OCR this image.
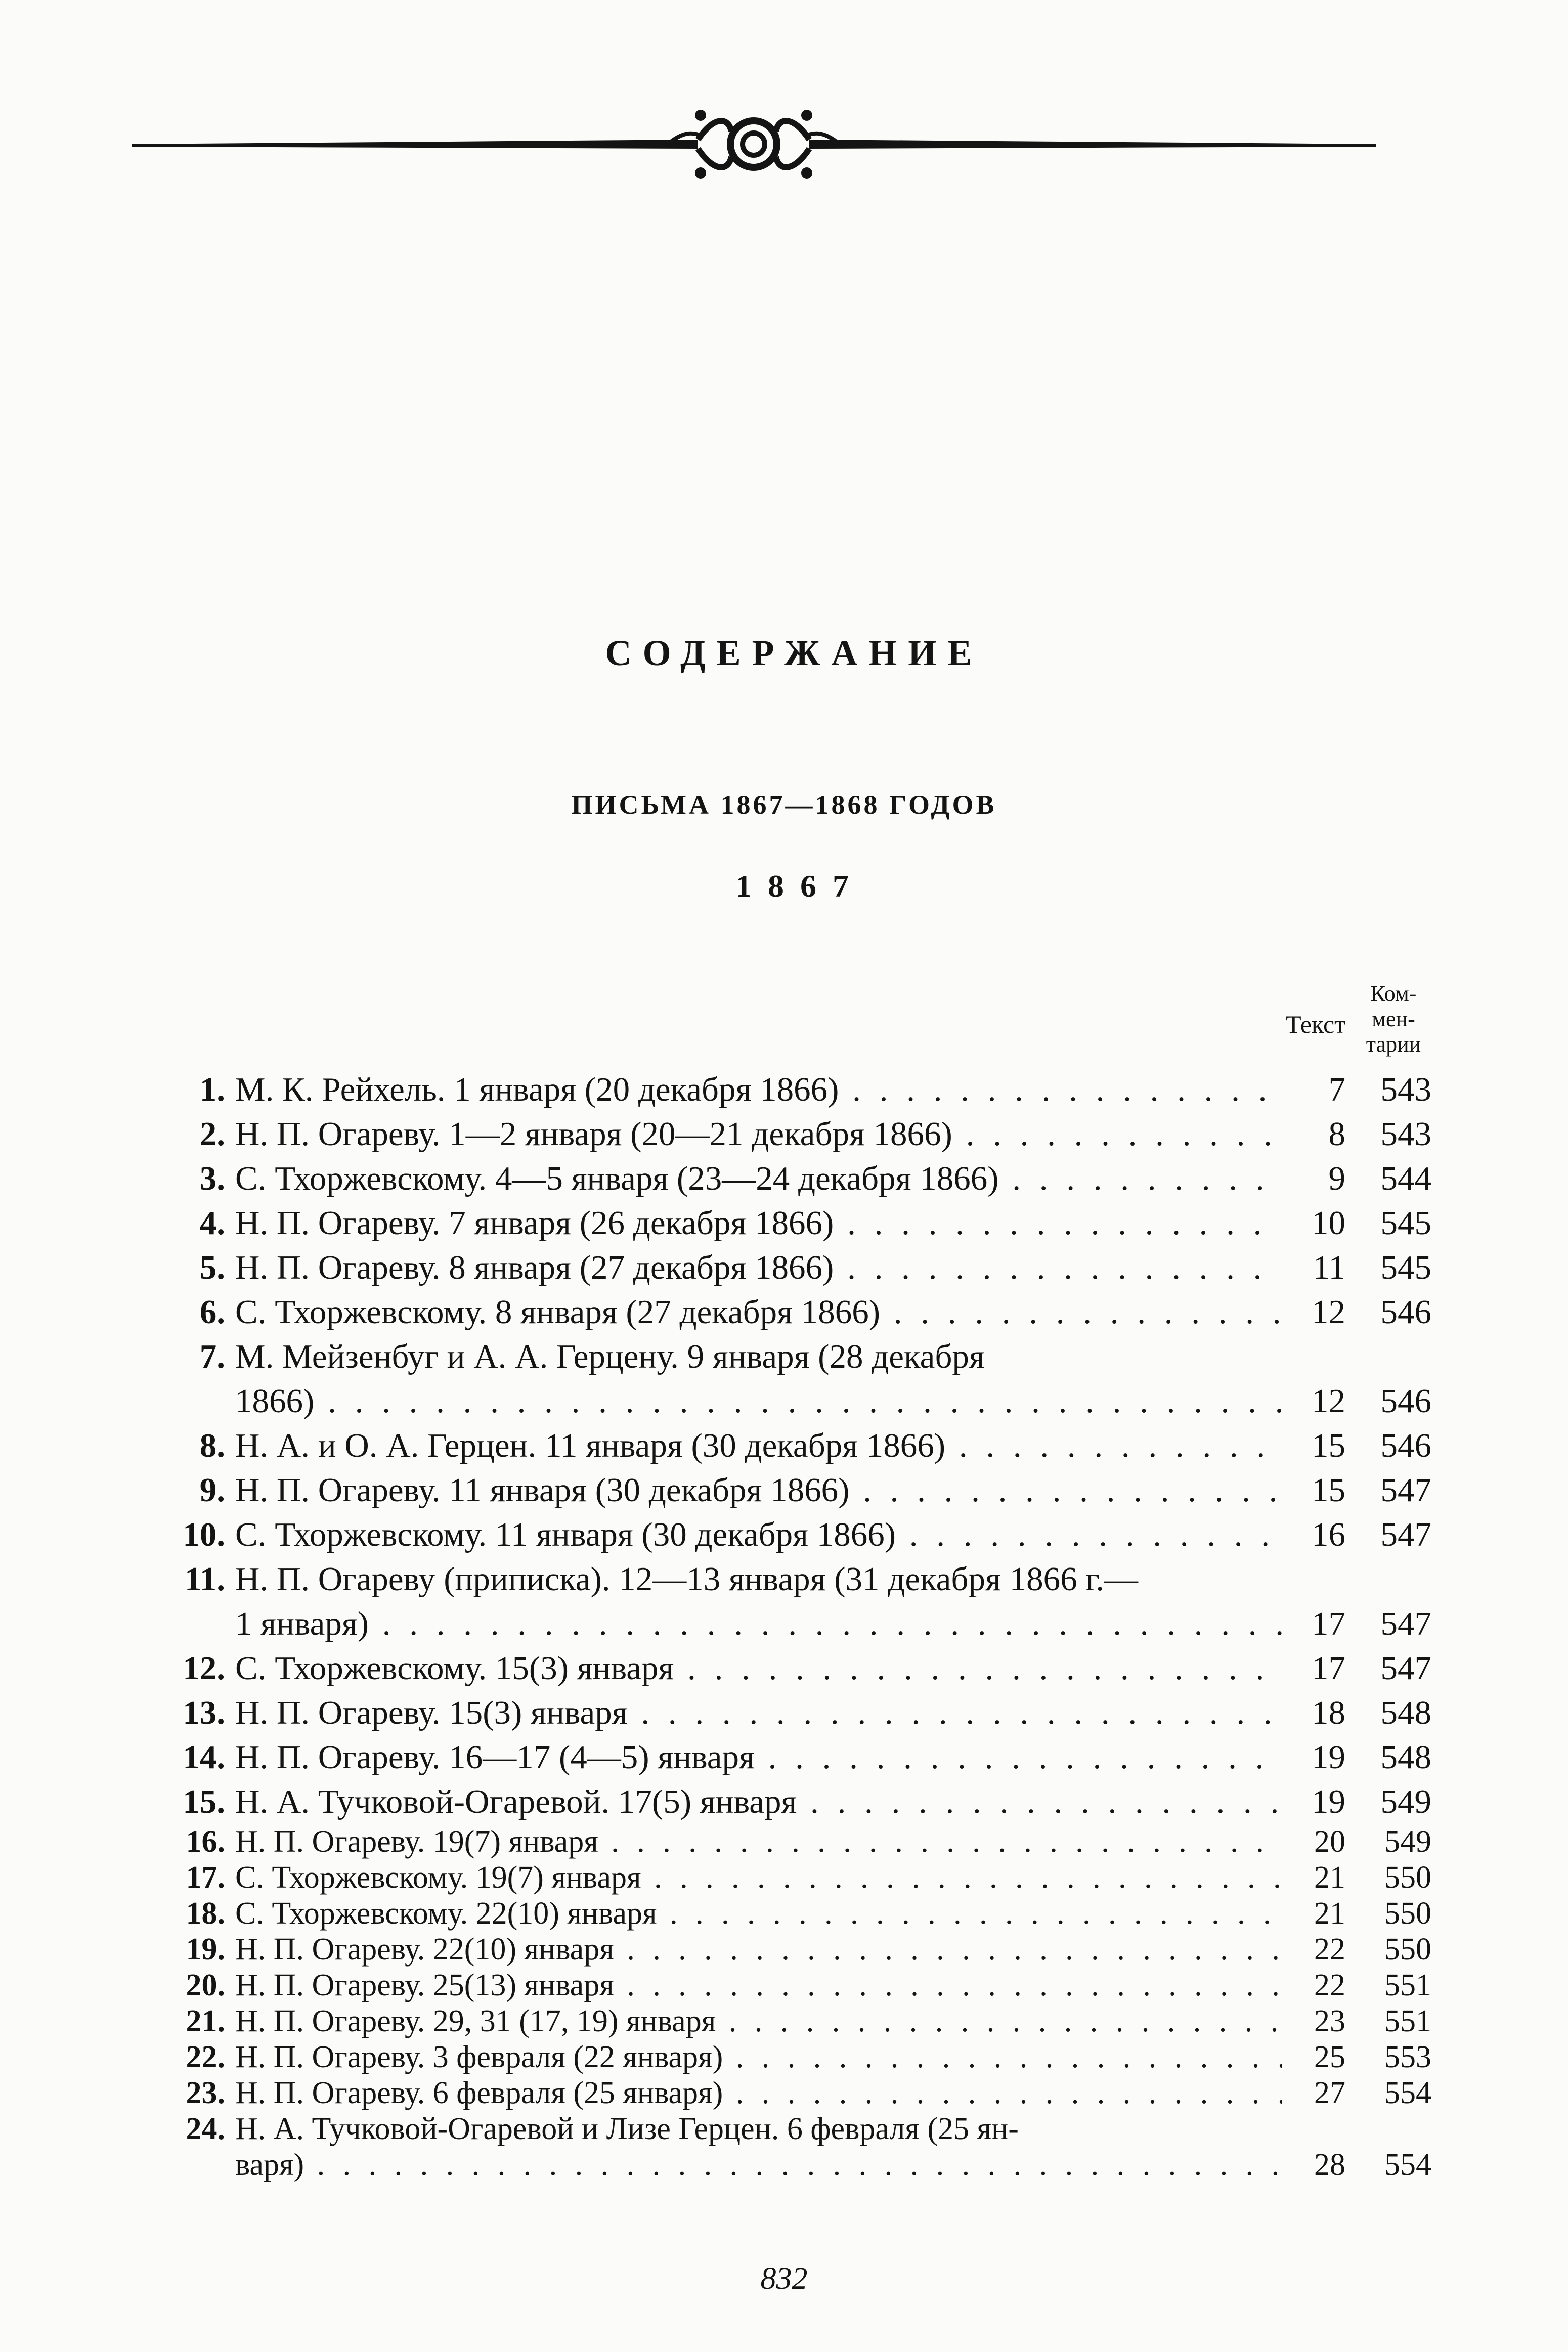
СОДЕРЖАНИЕ
ПИСЬМА 1867—1868 ГОДОВ
1867
Текст
Ком-
мен-
тарии
1. М. К. Рейхель. 1 января (20 декабря 1866) . . .	7	543
2. Н. П. Огареву. 1—2 января (20—21 декабря 1866) . . .	8	543
3. С. Тхоржевскому. 4—5 января (23—24 декабря 1866) . . .	9	544
4. Н. П. Огареву. 7 января (26 декабря 1866) . . .	10	545
5. Н. П. Огареву. 8 января (27 декабря 1866) . . .	11	545
6. С. Тхоржевскому. 8 января (27 декабря 1866) . . .	12	546
7. М. Мейзенбуг и А. А. Герцену. 9 января (28 декабря
1866) . . .	12	546
8. Н. А. и О. А. Герцен. 11 января (30 декабря 1866) . . .	15	546
9. Н. П. Огареву. 11 января (30 декабря 1866) . . .	15	547
10. С. Тхоржевскому. 11 января (30 декабря 1866) . . .	16	547
11. Н. П. Огареву (приписка). 12—13 января (31 декабря 1866 г.—
1 января) . . .	17	547
12. С. Тхоржевскому. 15(3) января . . .	17	547
13. Н. П. Огареву. 15(3) января . . .	18	548
14. Н. П. Огареву. 16—17 (4—5) января . . .	19	548
15. Н. А. Тучковой-Огаревой. 17(5) января . . .	19	549
16. Н. П. Огареву. 19(7) января . . .	20	549
17. С. Тхоржевскому. 19(7) января . . .	21	550
18. С. Тхоржевскому. 22(10) января . . .	21	550
19. Н. П. Огареву. 22(10) января . . .	22	550
20. Н. П. Огареву. 25(13) января . . .	22	551
21. Н. П. Огареву. 29, 31 (17, 19) января . . .	23	551
22. Н. П. Огареву. 3 февраля (22 января) . . .	25	553
23. Н. П. Огареву. 6 февраля (25 января) . . .	27	554
24. Н. А. Тучковой-Огаревой и Лизе Герцен. 6 февраля (25 ян-
варя) . . .	28	554
832
